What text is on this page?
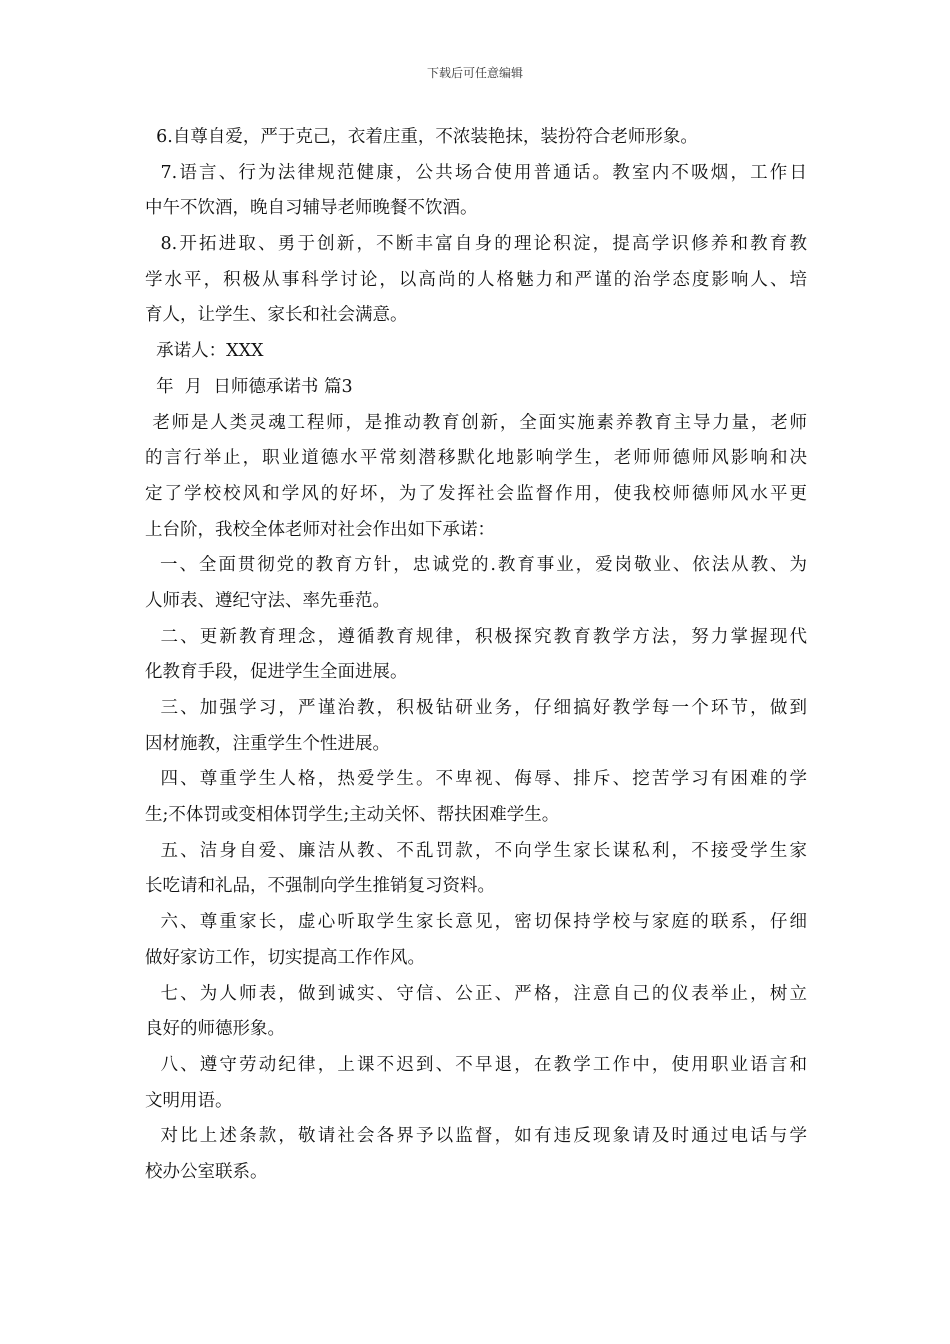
下载后可任意编辑
6.自尊自爱，严于克己，衣着庄重，不浓装艳抹，装扮符合老师形象。
7.语言、行为法律规范健康，公共场合使用普通话。教室内不吸烟，工作日
中午不饮酒，晚自习辅导老师晚餐不饮酒。
8.开拓进取、勇于创新，不断丰富自身的理论积淀，提高学识修养和教育教
学水平，积极从事科学讨论，以高尚的人格魅力和严谨的治学态度影响人、培
育人，让学生、家长和社会满意。
承诺人：XXX
年  月  日师德承诺书 篇3
老师是人类灵魂工程师，是推动教育创新，全面实施素养教育主导力量，老师
的言行举止，职业道德水平常刻潜移默化地影响学生，老师师德师风影响和决
定了学校校风和学风的好坏，为了发挥社会监督作用，使我校师德师风水平更
上台阶，我校全体老师对社会作出如下承诺：
一、全面贯彻党的教育方针，忠诚党的.教育事业，爱岗敬业、依法从教、为
人师表、遵纪守法、率先垂范。
二、更新教育理念，遵循教育规律，积极探究教育教学方法，努力掌握现代
化教育手段，促进学生全面进展。
三、加强学习，严谨治教，积极钻研业务，仔细搞好教学每一个环节，做到
因材施教，注重学生个性进展。
四、尊重学生人格，热爱学生。不卑视、侮辱、排斥、挖苦学习有困难的学
生;不体罚或变相体罚学生;主动关怀、帮扶困难学生。
五、洁身自爱、廉洁从教、不乱罚款，不向学生家长谋私利，不接受学生家
长吃请和礼品，不强制向学生推销复习资料。
六、尊重家长，虚心听取学生家长意见，密切保持学校与家庭的联系，仔细
做好家访工作，切实提高工作作风。
七、为人师表，做到诚实、守信、公正、严格，注意自己的仪表举止，树立
良好的师德形象。
八、遵守劳动纪律，上课不迟到、不早退，在教学工作中，使用职业语言和
文明用语。
对比上述条款，敬请社会各界予以监督，如有违反现象请及时通过电话与学
校办公室联系。
